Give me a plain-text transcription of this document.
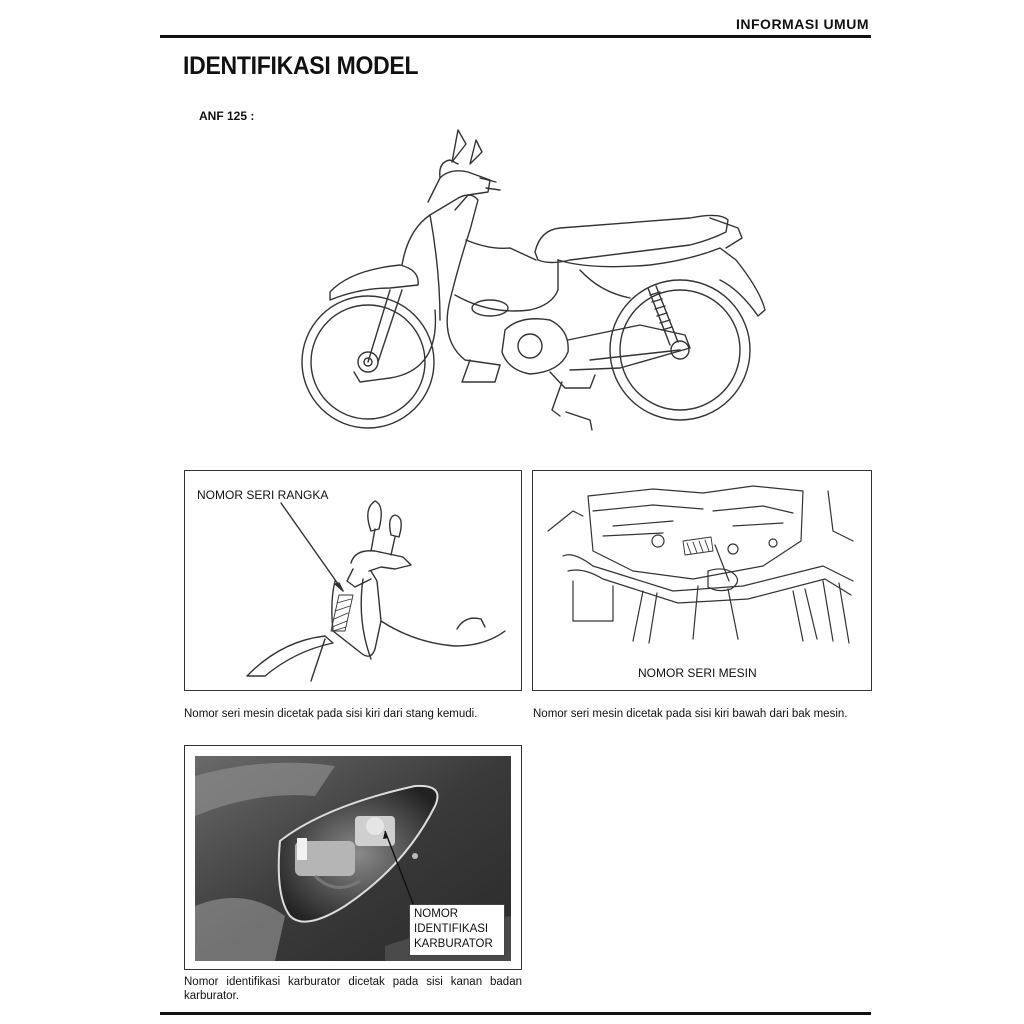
INFORMASI UMUM
IDENTIFIKASI MODEL
ANF 125 :
NOMOR SERI RANGKA
NOMOR SERI MESIN
NOMOR
IDENTIFIKASI
KARBURATOR
Nomor seri mesin dicetak pada sisi kiri dari stang kemudi.	Nomor seri mesin dicetak pada sisi kiri bawah dari bak mesin.
Nomor identifikasi karburator dicetak pada sisi kanan badan karburator.
